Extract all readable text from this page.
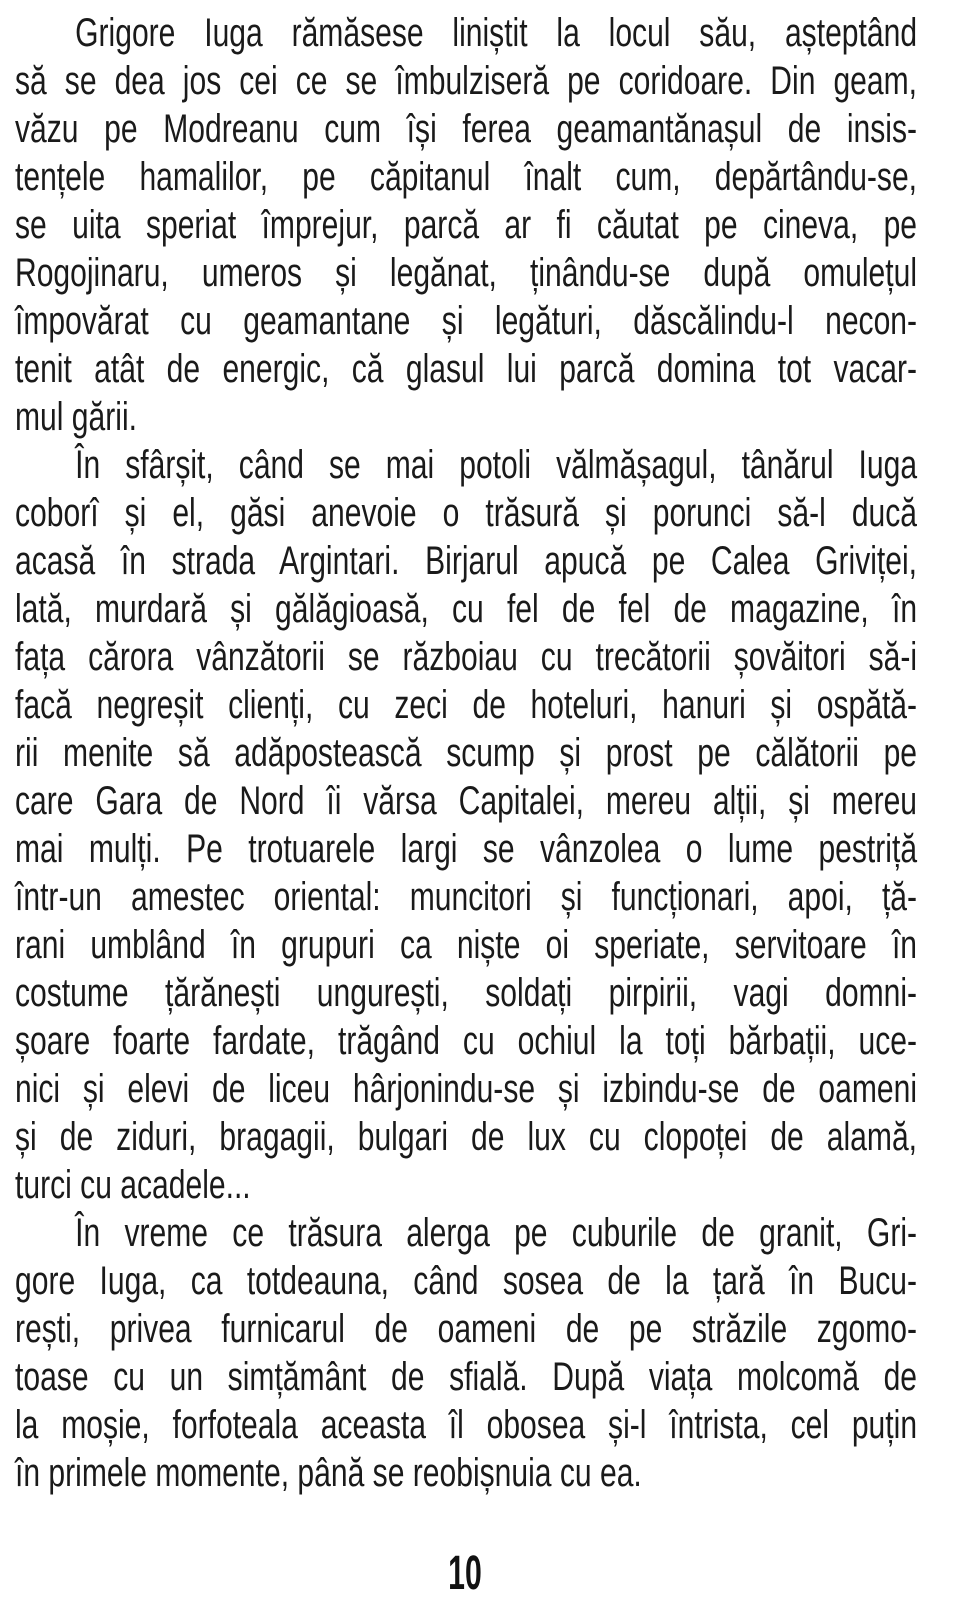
Grigore Iuga rămăsese liniștit la locul său, așteptând
să se dea jos cei ce se îmbulziseră pe coridoare. Din geam,
văzu pe Modreanu cum își ferea geamantănașul de insis-
tențele hamalilor, pe căpitanul înalt cum, depărtându-se,
se uita speriat împrejur, parcă ar fi căutat pe cineva, pe
Rogojinaru, umeros și legănat, ținându-se după omulețul
împovărat cu geamantane și legături, dăscălindu-l necon-
tenit atât de energic, că glasul lui parcă domina tot vacar-
mul gării.
În sfârșit, când se mai potoli vălmășagul, tânărul Iuga
coborî și el, găsi anevoie o trăsură și porunci să-l ducă
acasă în strada Argintari. Birjarul apucă pe Calea Griviței,
lată, murdară și gălăgioasă, cu fel de fel de magazine, în
fața cărora vânzătorii se războiau cu trecătorii șovăitori să-i
facă negreșit clienți, cu zeci de hoteluri, hanuri și ospătă-
rii menite să adăpostească scump și prost pe călătorii pe
care Gara de Nord îi vărsa Capitalei, mereu alții, și mereu
mai mulți. Pe trotuarele largi se vânzolea o lume pestriță
într-un amestec oriental: muncitori și funcționari, apoi, ță-
rani umblând în grupuri ca niște oi speriate, servitoare în
costume țărănești ungurești, soldați pirpirii, vagi domni-
șoare foarte fardate, trăgând cu ochiul la toți bărbații, uce-
nici și elevi de liceu hârjonindu-se și izbindu-se de oameni
și de ziduri, bragagii, bulgari de lux cu clopoței de alamă,
turci cu acadele...
În vreme ce trăsura alerga pe cuburile de granit, Gri-
gore Iuga, ca totdeauna, când sosea de la țară în Bucu-
rești, privea furnicarul de oameni de pe străzile zgomo-
toase cu un simțământ de sfială. După viața molcomă de
la moșie, forfoteala aceasta îl obosea și-l întrista, cel puțin
în primele momente, până se reobișnuia cu ea.
10
